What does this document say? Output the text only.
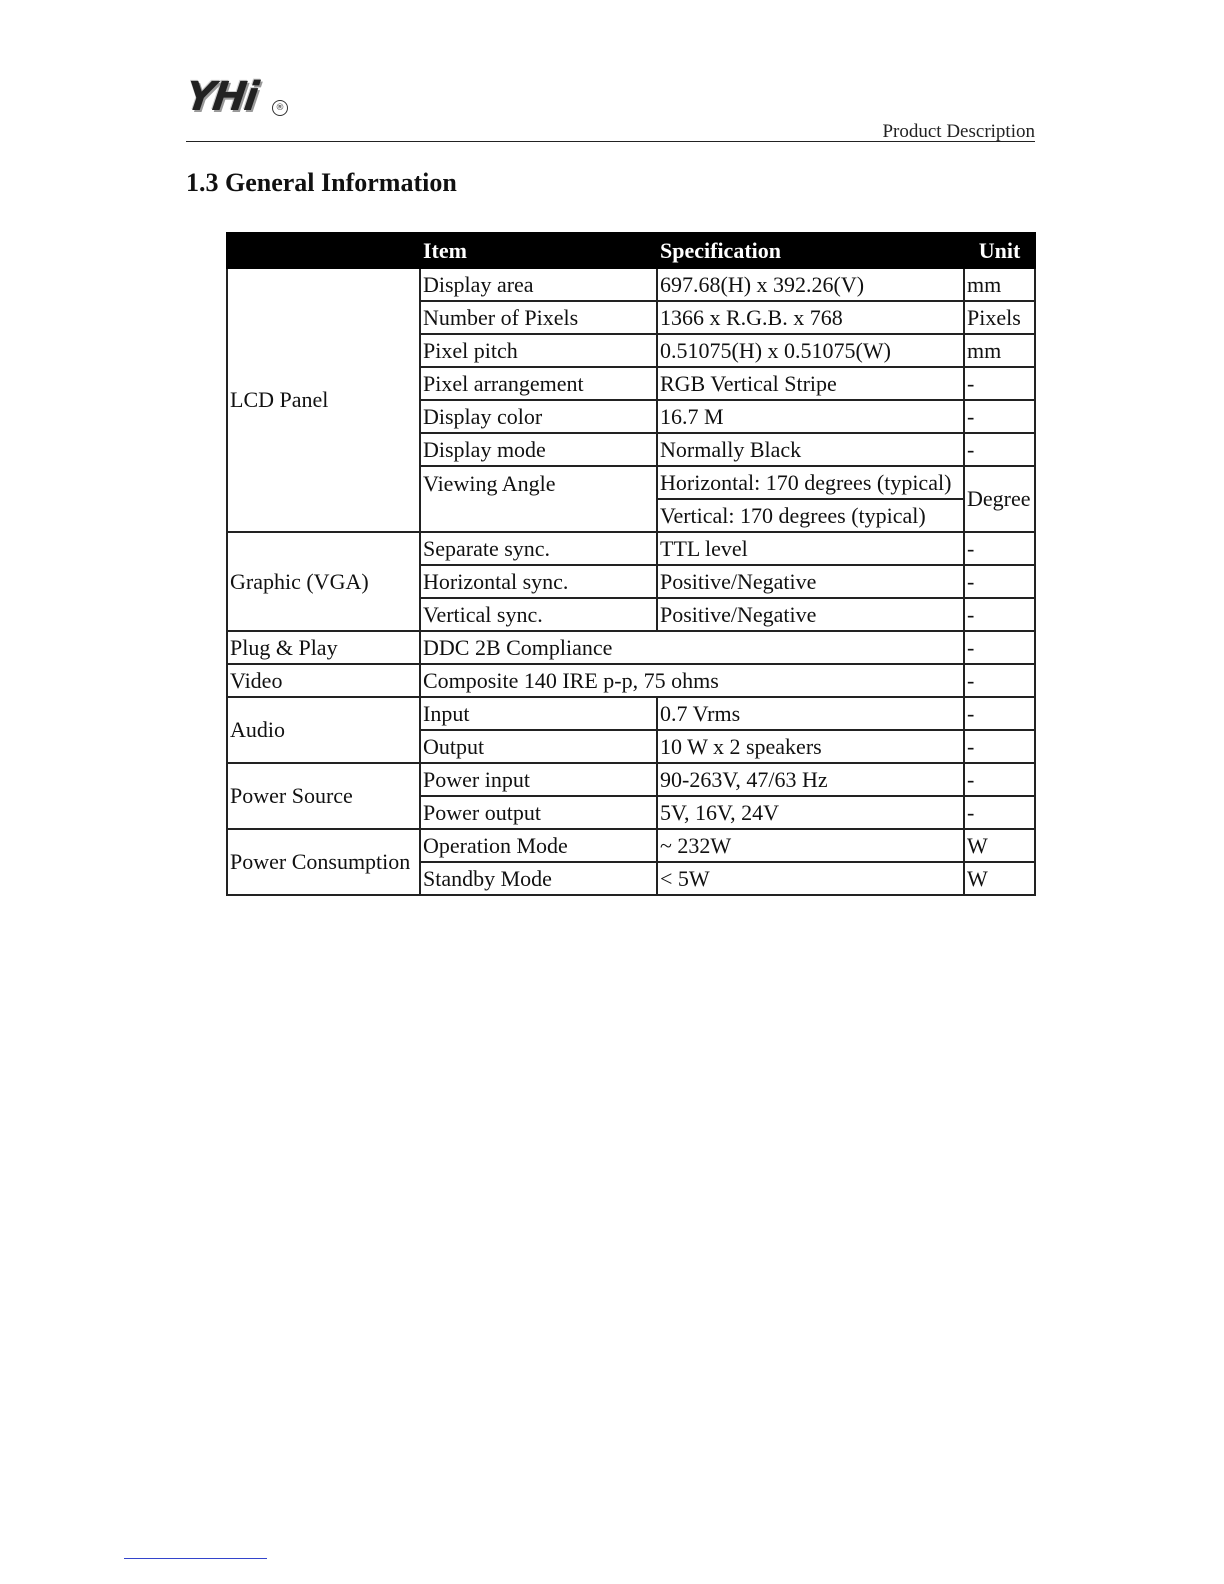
YHi	®
Product Description
1.3 General Information
	Item	Specification	Unit
LCD Panel	Display area	697.68(H) x 392.26(V)	mm
	Number of Pixels	1366 x R.G.B. x 768	Pixels
	Pixel pitch	0.51075(H) x 0.51075(W)	mm
	Pixel arrangement	RGB Vertical Stripe	-
	Display color	16.7 M	-
	Display mode	Normally Black	-
	Viewing Angle	Horizontal: 170 degrees (typical)	Degree
		Vertical: 170 degrees (typical)	
Graphic (VGA)	Separate sync.	TTL level	-
	Horizontal sync.	Positive/Negative	-
	Vertical sync.	Positive/Negative	-
Plug & Play	DDC 2B Compliance		-
Video	Composite 140 IRE p-p, 75 ohms		-
Audio	Input	0.7 Vrms	-
	Output	10 W x 2 speakers	-
Power Source	Power input	90-263V, 47/63 Hz	-
	Power output	5V, 16V, 24V	-
Power Consumption	Operation Mode	~ 232W	W
	Standby Mode	< 5W	W
